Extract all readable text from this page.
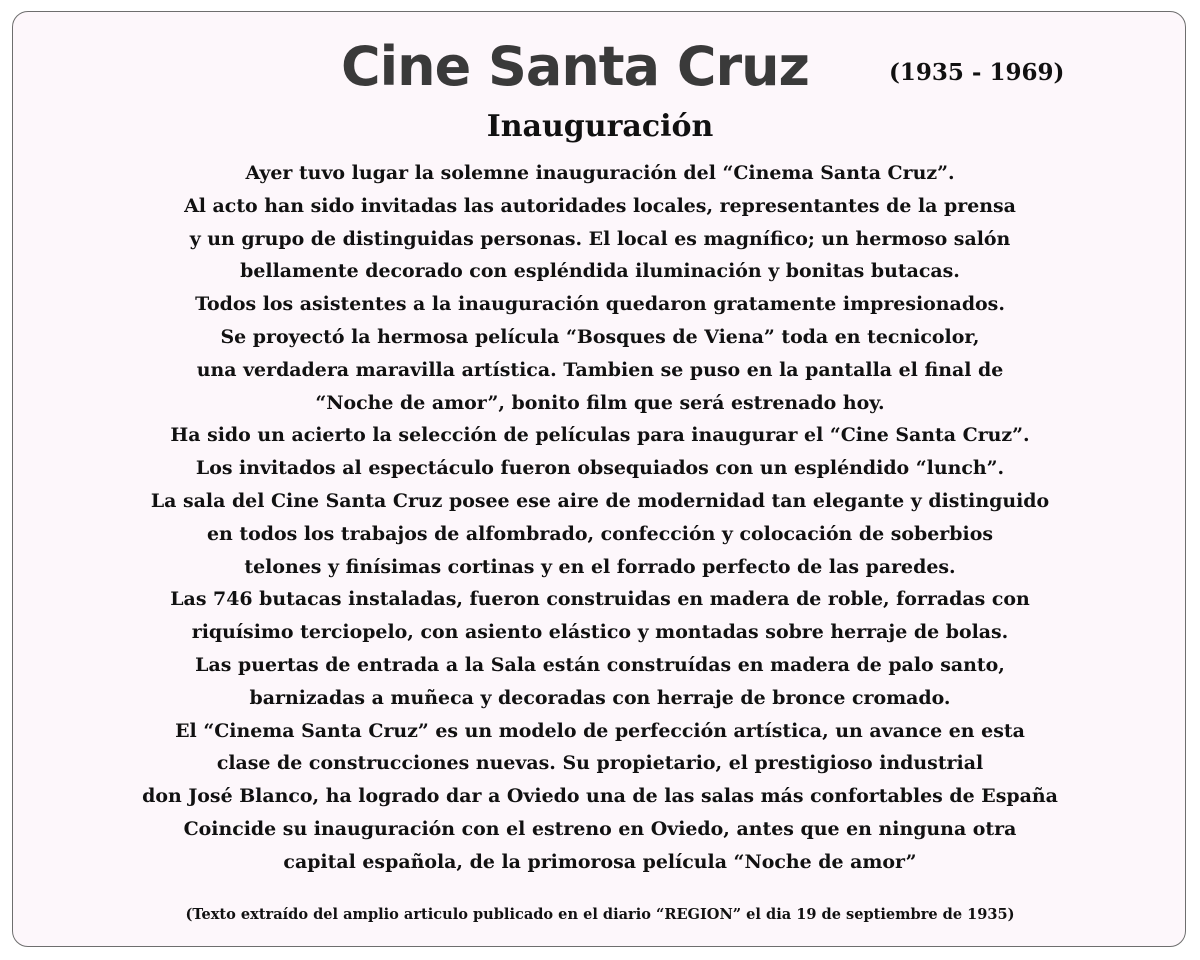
Cine Santa Cruz	(1935 - 1969)
Inauguración
Ayer tuvo lugar la solemne inauguración del “Cinema Santa Cruz”.
Al acto han sido invitadas las autoridades locales, representantes de la prensa
y un grupo de distinguidas personas. El local es magnífico; un hermoso salón
bellamente decorado con espléndida iluminación y bonitas butacas.
Todos los asistentes a la inauguración quedaron gratamente impresionados.
Se proyectó la hermosa película “Bosques de Viena” toda en tecnicolor,
una verdadera maravilla artística. Tambien se puso en la pantalla el final de
“Noche de amor”, bonito film que será estrenado hoy.
Ha sido un acierto la selección de películas para inaugurar el “Cine Santa Cruz”.
Los invitados al espectáculo fueron obsequiados con un espléndido “lunch”.
La sala del Cine Santa Cruz posee ese aire de modernidad tan elegante y distinguido
en todos los trabajos de alfombrado, confección y colocación de soberbios
telones y finísimas cortinas y en el forrado perfecto de las paredes.
Las 746 butacas instaladas, fueron construidas en madera de roble, forradas con
riquísimo terciopelo, con asiento elástico y montadas sobre herraje de bolas.
Las puertas de entrada a la Sala están construídas en madera de palo santo,
barnizadas a muñeca y decoradas con herraje de bronce cromado.
El “Cinema Santa Cruz” es un modelo de perfección artística, un avance en esta
clase de construcciones nuevas. Su propietario, el prestigioso industrial
don José Blanco, ha logrado dar a Oviedo una de las salas más confortables de España
Coincide su inauguración con el estreno en Oviedo, antes que en ninguna otra
capital española, de la primorosa película “Noche de amor”
(Texto extraído del amplio articulo publicado en el diario “REGION” el dia 19 de septiembre de 1935)
